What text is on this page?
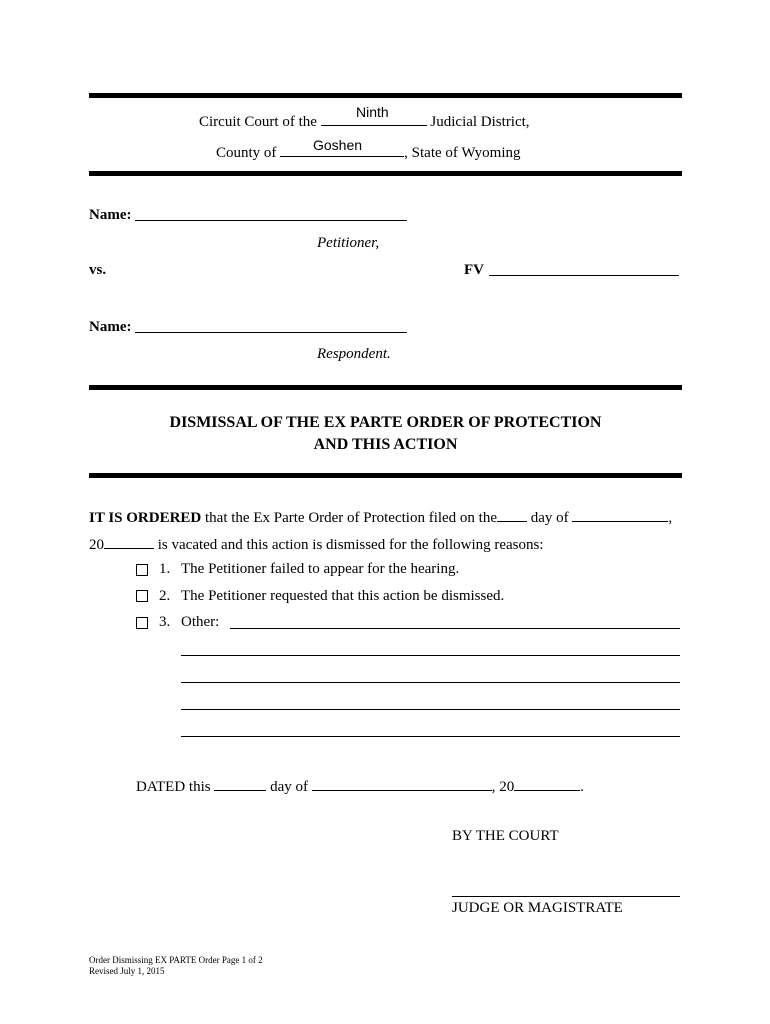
Circuit Court of the	Judicial District,
Ninth
County of	, State of Wyoming
Goshen
Name:
Petitioner,
vs.	FV
Name:
Respondent.
DISMISSAL OF THE EX PARTE ORDER OF PROTECTION
AND THIS ACTION
IT IS ORDERED that the Ex Parte Order of Protection filed on the day of	,
20	is vacated and this action is dismissed for the following reasons:
1. The Petitioner failed to appear for the hearing.
2. The Petitioner requested that this action be dismissed.
3. Other:
DATED this	day of	, 20	.
BY THE COURT
JUDGE OR MAGISTRATE
Order Dismissing EX PARTE Order Page 1 of 2
Revised July 1, 2015
